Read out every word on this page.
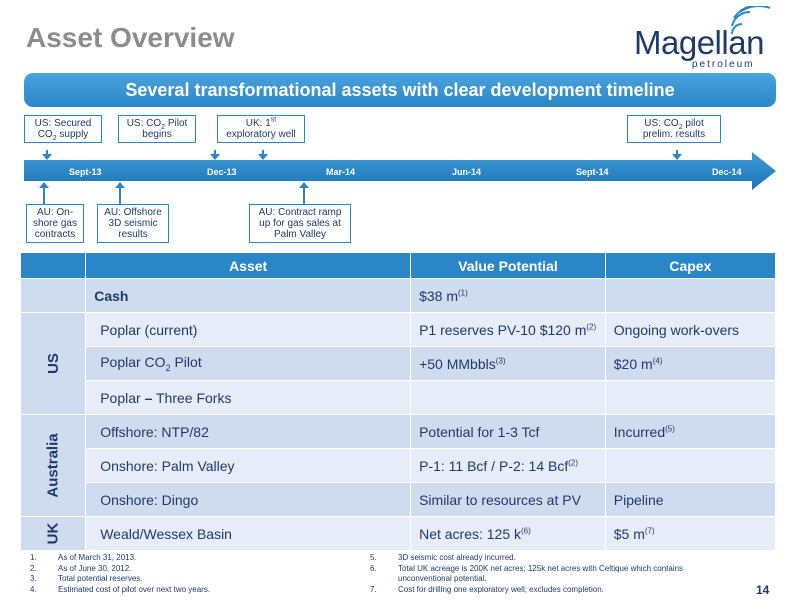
Asset Overview	Magellan
petroleum
Several transformational assets with clear development timeline
US: Secured
$CO_2$ supply
US: $CO_2$ Pilot
begins
UK: 1st
exploratory well
US: $CO_2$ pilot
prelim. results
Sept-13	Dec-13	Mar-14	Jun-14	Sept-14	Dec-14
AU: On-
shore gas
contracts
AU: Offshore
3D seismic
results
AU: Contract ramp
up for gas sales at
Palm Valley
	Asset	Value Potential	Capex
	Cash	$38 $m^{(1)}$	
US	Poplar (current)	P1 reserves PV-10 $120 $m^{(2)}$	Ongoing work-overs
	Poplar $CO_2$ Pilot	+50 MMbbls$^{(3)}$	$20 $m^{(4)}$
	Poplar – Three Forks		
Australia	Offshore: NTP/82	Potential for 1-3 Tcf	Incurred$^{(5)}$
	Onshore: Palm Valley	P-1: 11 Bcf / P-2: 14 Bcf$^{(2)}$	
	Onshore: Dingo	Similar to resources at PV	Pipeline
UK	Weald/Wessex Basin	Net acres: 125 $k^{(6)}$	$5 $m^{(7)}$
1.	As of March 31, 2013.
2.	As of June 30, 2012.
3.	Total potential reserves.
4.	Estimated cost of pilot over next two years.
5.	3D seismic cost already incurred.
6.	Total UK acreage is 200K net acres; 125k net acres with Celtique which contains
unconventional potential.
7.	Cost for drilling one exploratory well; excludes completion.	14
